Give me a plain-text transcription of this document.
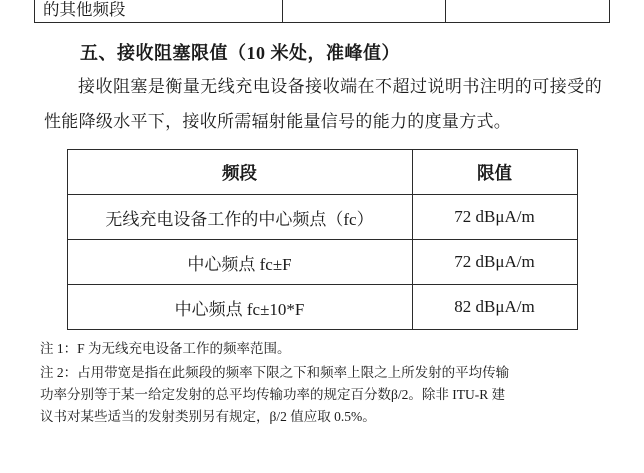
的其他频段		
五、接收阻塞限值（10 米处，准峰值）

接收阻塞是衡量无线充电设备接收端在不超过说明书注明的可接受的性能降级水平下，接收所需辐射能量信号的能力的度量方式。

频段	限值
无线充电设备工作的中心频点（fc）	72 dBμA/m
中心频点 fc±F	72 dBμA/m
中心频点 fc±10*F	82 dBμA/m

注 1：F 为无线充电设备工作的频率范围。

注 2：占用带宽是指在此频段的频率下限之下和频率上限之上所发射的平均传输

功率分别等于某一给定发射的总平均传输功率的规定百分数β/2。除非 ITU-R 建

议书对某些适当的发射类别另有规定，β/2 值应取 0.5%。
